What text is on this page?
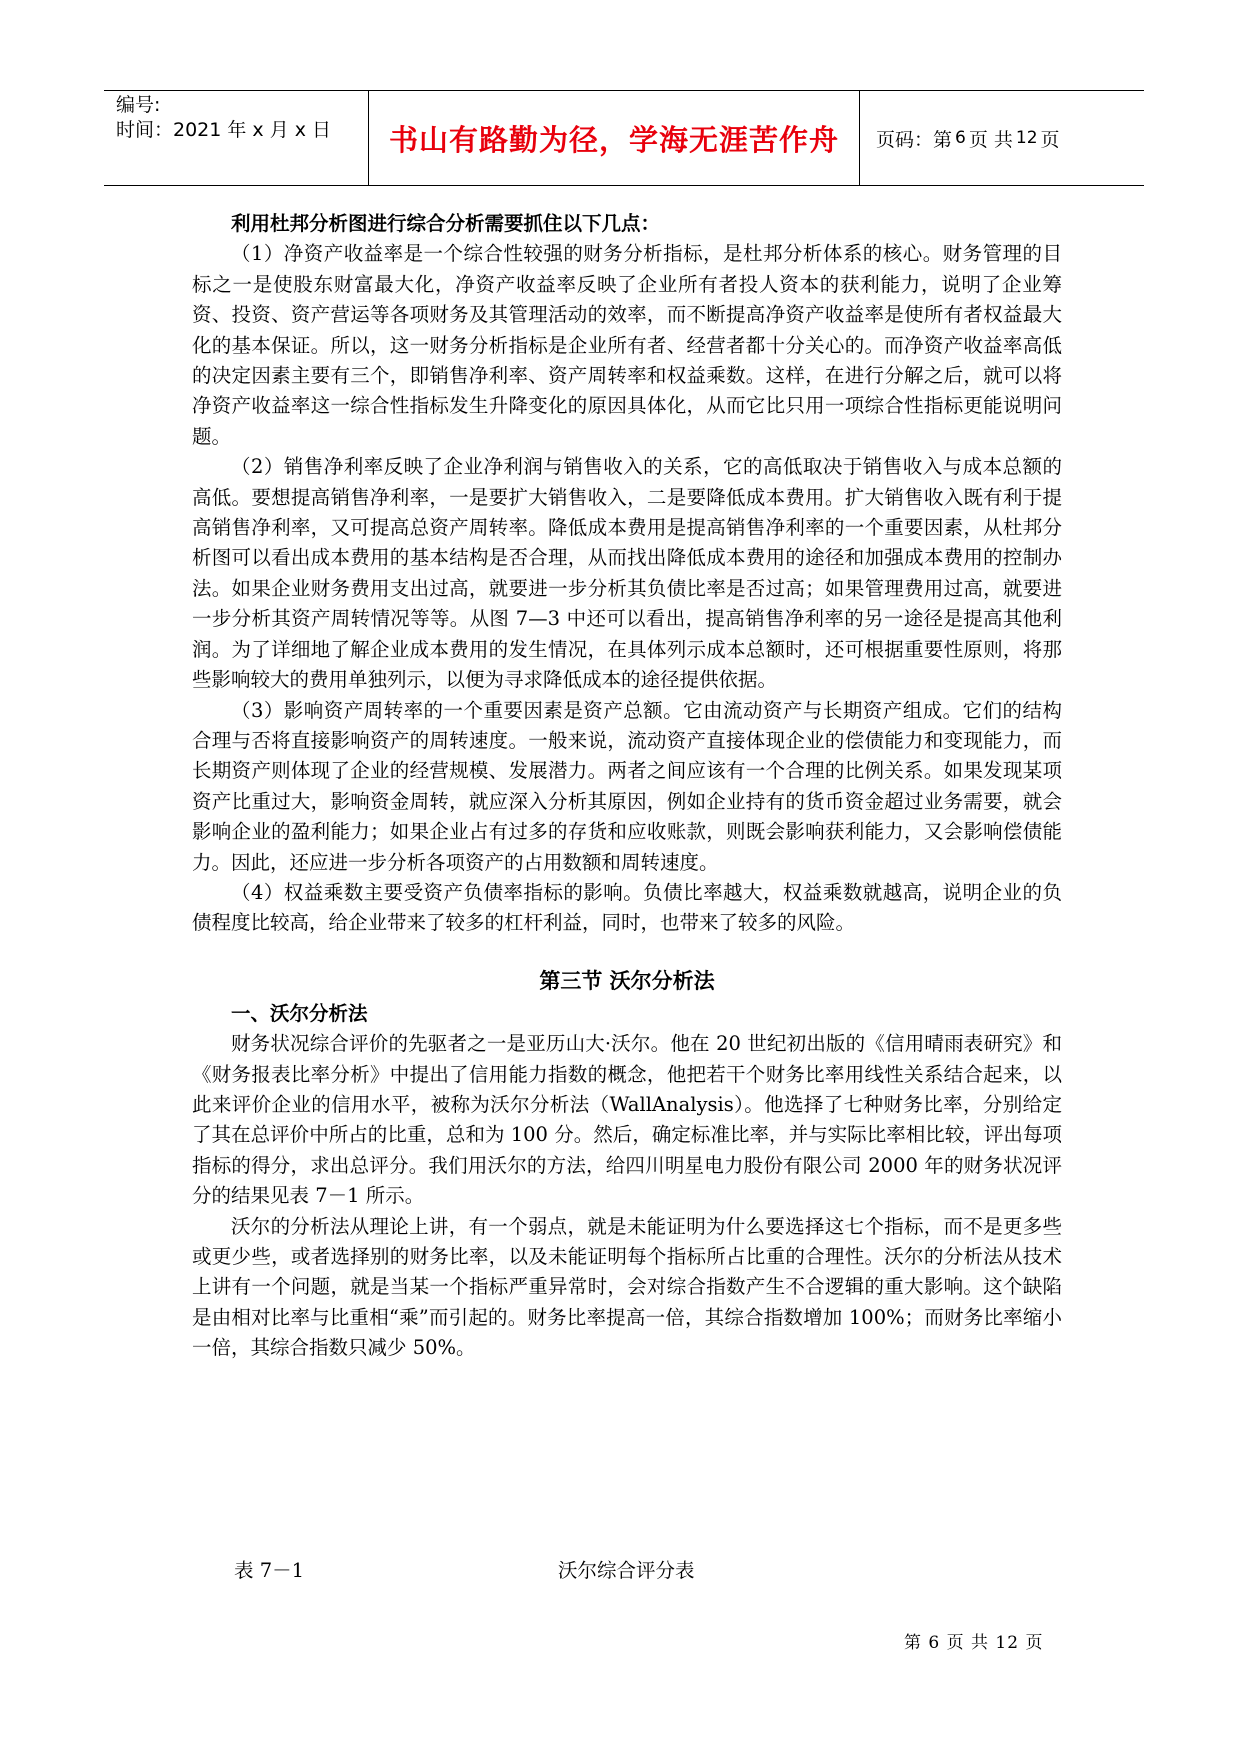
编号:
时间：2021 年 x 月 x 日	书山有路勤为径，学海无涯苦作舟	页码：第 6 页 共 12 页

利用杜邦分析图进行综合分析需要抓住以下几点：

（1）净资产收益率是一个综合性较强的财务分析指标，是杜邦分析体系的核心。财务管理的目标之一是使股东财富最大化，净资产收益率反映了企业所有者投人资本的获利能力，说明了企业筹资、投资、资产营运等各项财务及其管理活动的效率，而不断提高净资产收益率是使所有者权益最大化的基本保证。所以，这一财务分析指标是企业所有者、经营者都十分关心的。而净资产收益率高低的决定因素主要有三个，即销售净利率、资产周转率和权益乘数。这样，在进行分解之后，就可以将净资产收益率这一综合性指标发生升降变化的原因具体化，从而它比只用一项综合性指标更能说明问题。

（2）销售净利率反映了企业净利润与销售收入的关系，它的高低取决于销售收入与成本总额的高低。要想提高销售净利率，一是要扩大销售收入，二是要降低成本费用。扩大销售收入既有利于提高销售净利率，又可提高总资产周转率。降低成本费用是提高销售净利率的一个重要因素，从杜邦分析图可以看出成本费用的基本结构是否合理，从而找出降低成本费用的途径和加强成本费用的控制办法。如果企业财务费用支出过高，就要进一步分析其负债比率是否过高；如果管理费用过高，就要进一步分析其资产周转情况等等。从图 7—3 中还可以看出，提高销售净利率的另一途径是提高其他利润。为了详细地了解企业成本费用的发生情况，在具体列示成本总额时，还可根据重要性原则，将那些影响较大的费用单独列示，以便为寻求降低成本的途径提供依据。

（3）影响资产周转率的一个重要因素是资产总额。它由流动资产与长期资产组成。它们的结构合理与否将直接影响资产的周转速度。一般来说，流动资产直接体现企业的偿债能力和变现能力，而长期资产则体现了企业的经营规模、发展潜力。两者之间应该有一个合理的比例关系。如果发现某项资产比重过大，影响资金周转，就应深入分析其原因，例如企业持有的货币资金超过业务需要，就会影响企业的盈利能力；如果企业占有过多的存货和应收账款，则既会影响获利能力，又会影响偿债能力。因此，还应进一步分析各项资产的占用数额和周转速度。

（4）权益乘数主要受资产负债率指标的影响。负债比率越大，权益乘数就越高，说明企业的负债程度比较高，给企业带来了较多的杠杆利益，同时，也带来了较多的风险。

第三节 沃尔分析法

一、沃尔分析法

财务状况综合评价的先驱者之一是亚历山大·沃尔。他在 20 世纪初出版的《信用晴雨表研究》和《财务报表比率分析》中提出了信用能力指数的概念，他把若干个财务比率用线性关系结合起来，以此来评价企业的信用水平，被称为沃尔分析法（WallAnalysis）。他选择了七种财务比率，分别给定了其在总评价中所占的比重，总和为 100 分。然后，确定标准比率，并与实际比率相比较，评出每项指标的得分，求出总评分。我们用沃尔的方法，给四川明星电力股份有限公司 2000 年的财务状况评分的结果见表 7－1 所示。

沃尔的分析法从理论上讲，有一个弱点，就是未能证明为什么要选择这七个指标，而不是更多些或更少些，或者选择别的财务比率，以及未能证明每个指标所占比重的合理性。沃尔的分析法从技术上讲有一个问题，就是当某一个指标严重异常时，会对综合指数产生不合逻辑的重大影响。这个缺陷是由相对比率与比重相“乘”而引起的。财务比率提高一倍，其综合指数增加 100%；而财务比率缩小一倍，其综合指数只减少 50%。

表 7－1	沃尔综合评分表
第 6 页 共 12 页
